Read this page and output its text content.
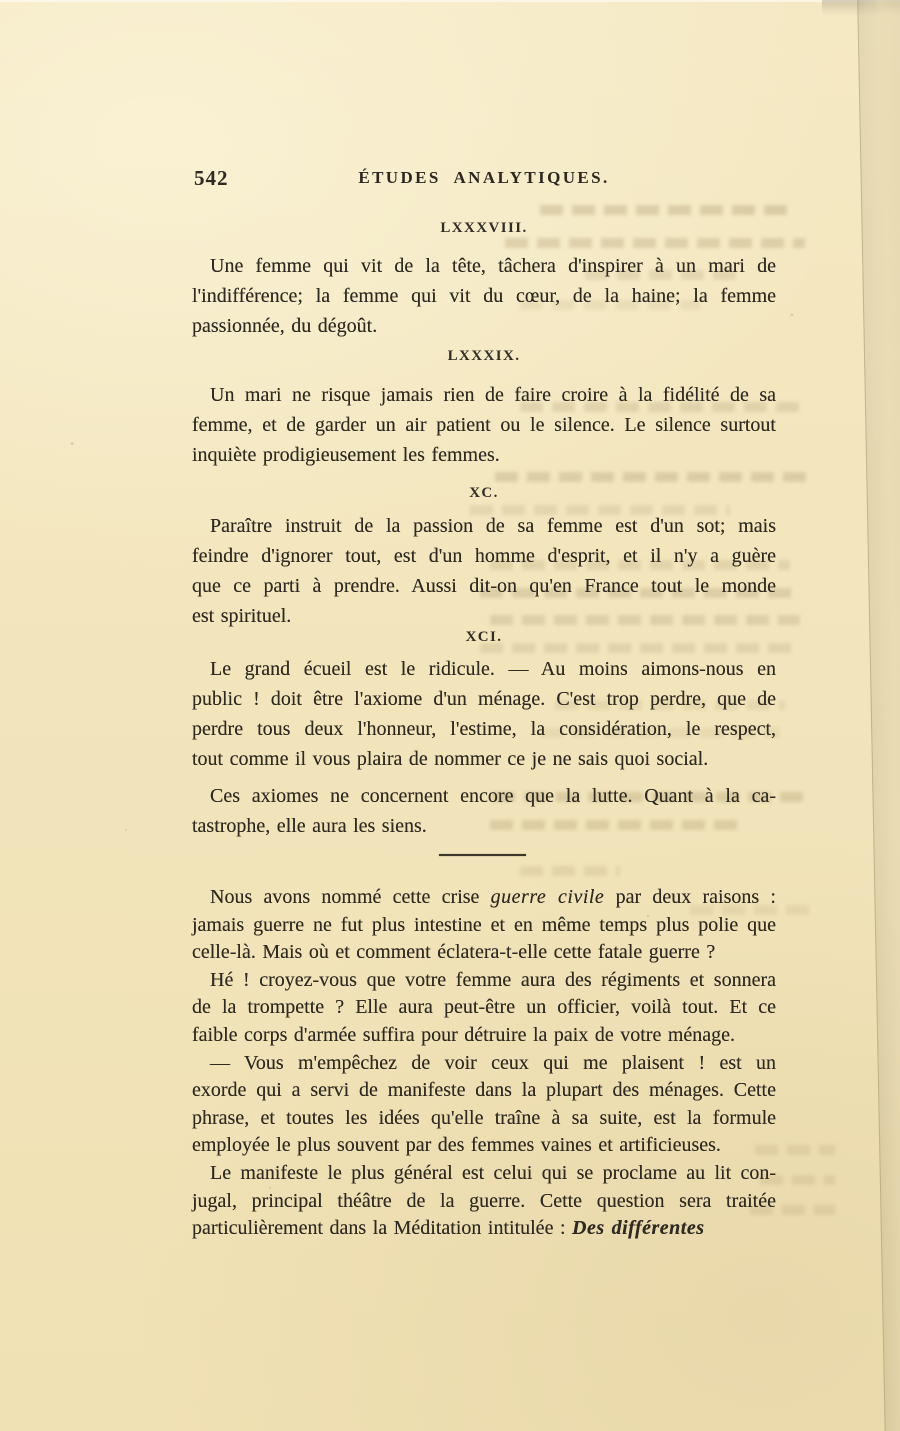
542	ÉTUDES ANALYTIQUES.
LXXXVIII.
Une femme qui vit de la tête, tâchera d'inspirer à un mari de
l'indifférence; la femme qui vit du cœur, de la haine; la femme
passionnée, du dégoût.
LXXXIX.
Un mari ne risque jamais rien de faire croire à la fidélité de sa
femme, et de garder un air patient ou le silence. Le silence surtout
inquiète prodigieusement les femmes.
XC.
Paraître instruit de la passion de sa femme est d'un sot; mais
feindre d'ignorer tout, est d'un homme d'esprit, et il n'y a guère
que ce parti à prendre. Aussi dit-on qu'en France tout le monde
est spirituel.
XCI.
Le grand écueil est le ridicule. — Au moins aimons-nous en
public ! doit être l'axiome d'un ménage. C'est trop perdre, que de
perdre tous deux l'honneur, l'estime, la considération, le respect,
tout comme il vous plaira de nommer ce je ne sais quoi social.
Ces axiomes ne concernent encore que la lutte. Quant à la ca-
tastrophe, elle aura les siens.
Nous avons nommé cette crise guerre civile par deux raisons :
jamais guerre ne fut plus intestine et en même temps plus polie que
celle-là. Mais où et comment éclatera-t-elle cette fatale guerre ?
Hé ! croyez-vous que votre femme aura des régiments et sonnera
de la trompette ? Elle aura peut-être un officier, voilà tout. Et ce
faible corps d'armée suffira pour détruire la paix de votre ménage.
— Vous m'empêchez de voir ceux qui me plaisent ! est un
exorde qui a servi de manifeste dans la plupart des ménages. Cette
phrase, et toutes les idées qu'elle traîne à sa suite, est la formule
employée le plus souvent par des femmes vaines et artificieuses.
Le manifeste le plus général est celui qui se proclame au lit con-
jugal, principal théâtre de la guerre. Cette question sera traitée
particulièrement dans la Méditation intitulée : Des différentes
